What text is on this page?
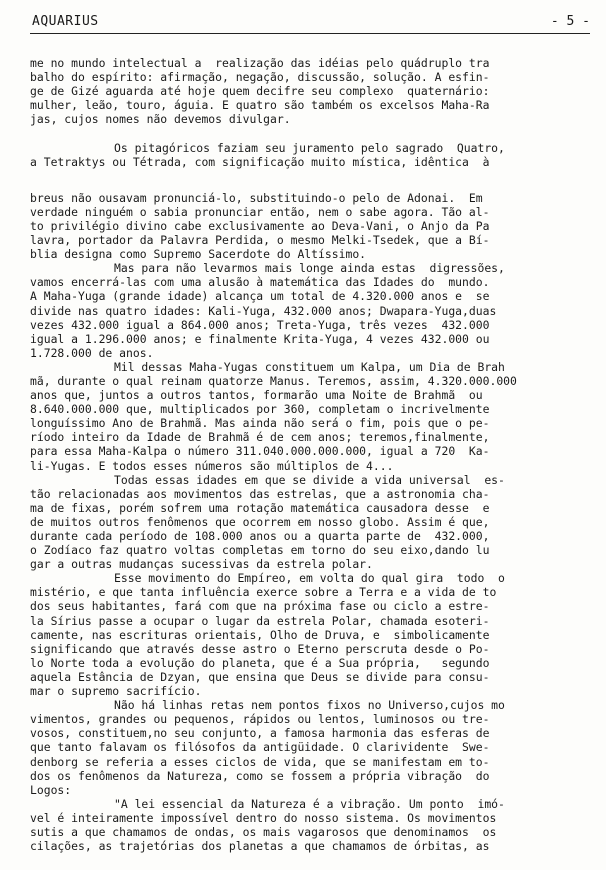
AQUARIUS	- 5 -
me no mundo intelectual a  realização das idéias pelo quádruplo tra
balho do espírito: afirmação, negação, discussão, solução. A esfin-
ge de Gizé aguarda até hoje quem decifre seu complexo  quaternário:
mulher, leão, touro, águia. E quatro são também os excelsos Maha-Ra
jas, cujos nomes não devemos divulgar.
Os pitagóricos faziam seu juramento pelo sagrado  Quatro,
a Tetraktys ou Tétrada, com significação muito mística, idêntica  à

breus não ousavam pronunciá-lo, substituindo-o pelo de Adonai.  Em
verdade ninguém o sabia pronunciar então, nem o sabe agora. Tão al-
to privilégio divino cabe exclusivamente ao Deva-Vani, o Anjo da Pa
lavra, portador da Palavra Perdida, o mesmo Melki-Tsedek, que a Bí-
blia designa como Supremo Sacerdote do Altíssimo.
Mas para não levarmos mais longe ainda estas  digressões,
vamos encerrá-las com uma alusão à matemática das Idades do  mundo.
A Maha-Yuga (grande idade) alcança um total de 4.320.000 anos e  se
divide nas quatro idades: Kali-Yuga, 432.000 anos; Dwapara-Yuga,duas
vezes 432.000 igual a 864.000 anos; Treta-Yuga, três vezes  432.000
igual a 1.296.000 anos; e finalmente Krita-Yuga, 4 vezes 432.000 ou
1.728.000 de anos.
Mil dessas Maha-Yugas constituem um Kalpa, um Dia de Brah
mã, durante o qual reinam quatorze Manus. Teremos, assim, 4.320.000.000
anos que, juntos a outros tantos, formarão uma Noite de Brahmã  ou
8.640.000.000 que, multiplicados por 360, completam o incrivelmente
longuíssimo Ano de Brahmã. Mas ainda não será o fim, pois que o pe-
ríodo inteiro da Idade de Brahmã é de cem anos; teremos,finalmente,
para essa Maha-Kalpa o número 311.040.000.000.000, igual a 720  Ka-
li-Yugas. E todos esses números são múltiplos de 4...
Todas essas idades em que se divide a vida universal  es-
tão relacionadas aos movimentos das estrelas, que a astronomia cha-
ma de fixas, porém sofrem uma rotação matemática causadora desse  e
de muitos outros fenômenos que ocorrem em nosso globo. Assim é que,
durante cada período de 108.000 anos ou a quarta parte de  432.000,
o Zodíaco faz quatro voltas completas em torno do seu eixo,dando lu
gar a outras mudanças sucessivas da estrela polar.
Esse movimento do Empíreo, em volta do qual gira  todo  o
mistério, e que tanta influência exerce sobre a Terra e a vida de to
dos seus habitantes, fará com que na próxima fase ou ciclo a estre-
la Sírius passe a ocupar o lugar da estrela Polar, chamada esoteri-
camente, nas escrituras orientais, Olho de Druva, e  simbolicamente
significando que através desse astro o Eterno perscruta desde o Po-
lo Norte toda a evolução do planeta, que é a Sua própria,   segundo
aquela Estância de Dzyan, que ensina que Deus se divide para consu-
mar o supremo sacrifício.
Não há linhas retas nem pontos fixos no Universo,cujos mo
vimentos, grandes ou pequenos, rápidos ou lentos, luminosos ou tre-
vosos, constituem,no seu conjunto, a famosa harmonia das esferas de
que tanto falavam os filósofos da antigüidade. O clarividente  Swe-
denborg se referia a esses ciclos de vida, que se manifestam em to-
dos os fenômenos da Natureza, como se fossem a própria vibração  do
Logos:
"A lei essencial da Natureza é a vibração. Um ponto  imó-
vel é inteiramente impossível dentro do nosso sistema. Os movimentos
sutis a que chamamos de ondas, os mais vagarosos que denominamos  os
cilações, as trajetórias dos planetas a que chamamos de órbitas, as
